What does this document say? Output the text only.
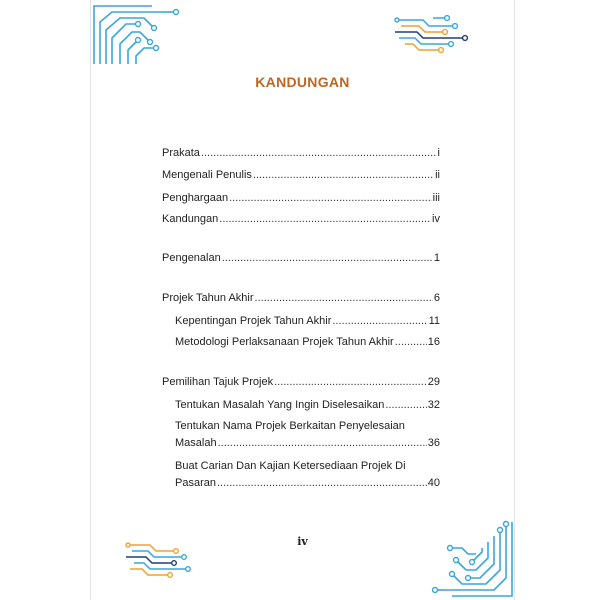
KANDUNGAN
Prakata .....	i
Mengenali Penulis .....	ii
Penghargaan .....	iii
Kandungan .....	iv
Pengenalan .....	1
Projek Tahun Akhir .....	6
Kepentingan Projek Tahun Akhir .....	11
Metodologi Perlaksanaan Projek Tahun Akhir .....	16
Pemilihan Tajuk Projek .....	29
Tentukan Masalah Yang Ingin Diselesaikan .....	32
Tentukan Nama Projek Berkaitan Penyelesaian
Masalah .....	36
Buat Carian Dan Kajian Ketersediaan Projek Di
Pasaran .....	40
iv
